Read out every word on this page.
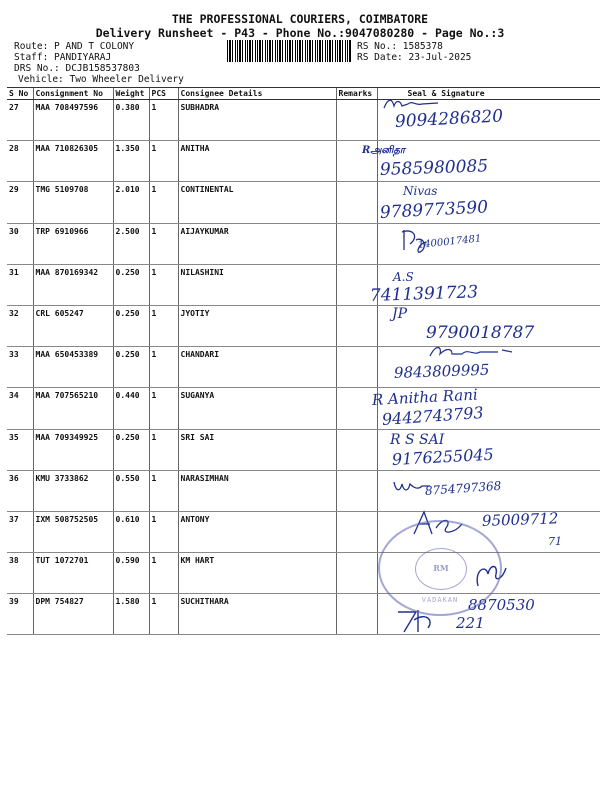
THE PROFESSIONAL COURIERS, COIMBATORE
Delivery Runsheet - P43 - Phone No.:9047080280 - Page No.:3
Route: P AND T COLONY
Staff: PANDIYARAJ
DRS No.: DCJB158537803
Vehicle: Two Wheeler Delivery
RS No.: 1585378
RS Date: 23-Jul-2025
S No	Consignment No	Weight	PCS	Consignee Details	Remarks	Seal & Signature
27	MAA 708497596	0.380	1	SUBHADRA		
28	MAA 710826305	1.350	1	ANITHA		
29	TMG 5109708	2.010	1	CONTINENTAL		
30	TRP 6910966	2.500	1	AIJAYKUMAR		
31	MAA 870169342	0.250	1	NILASHINI		
32	CRL 605247	0.250	1	JYOTIY		
33	MAA 650453389	0.250	1	CHANDARI		
34	MAA 707565210	0.440	1	SUGANYA		
35	MAA 709349925	0.250	1	SRI SAI		
36	KMU 3733862	0.550	1	NARASIMHAN		
37	IXM 508752505	0.610	1	ANTONY		
38	TUT 1072701	0.590	1	KM HART		
39	DPM 754827	1.580	1	SUCHITHARA		
9094286820
Rஅனிதா
9585980085
Nivas
9789773590
1400017481
A.S
7411391723
JP
9790018787
9843809995
R Anitha Rani
9442743793
R S SAI
9176255045
8754797368
95009712
71
8870530
221
RM
VADAKAN
